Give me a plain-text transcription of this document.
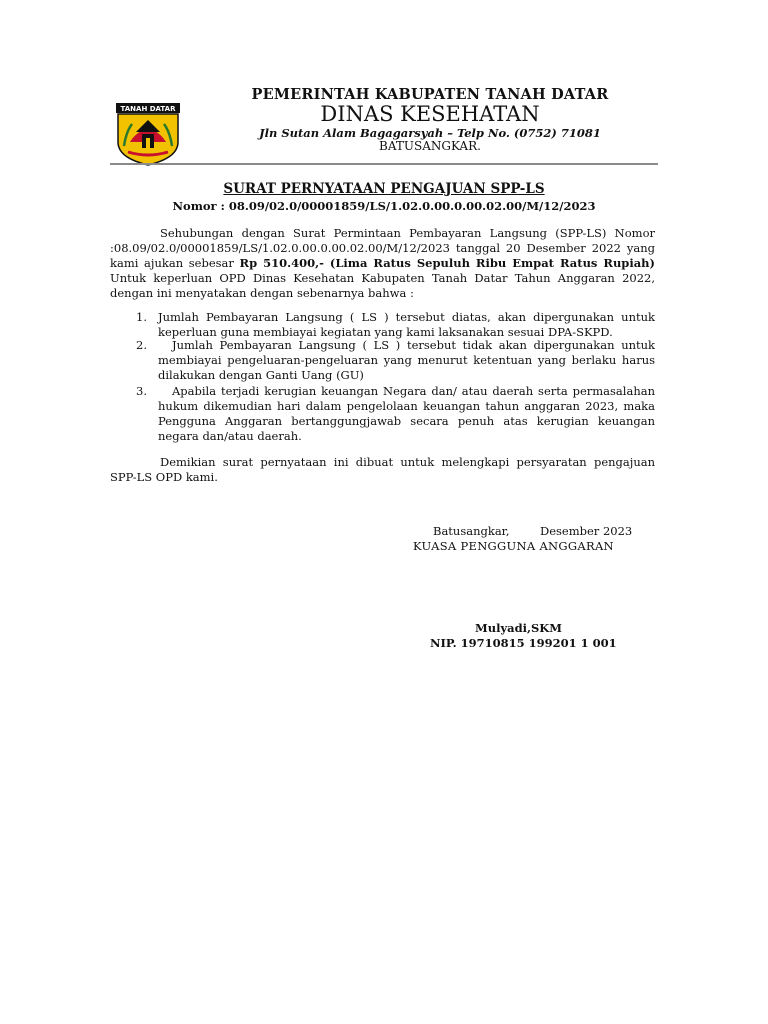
TANAH DATAR
PEMERINTAH KABUPATEN TANAH DATAR
DINAS KESEHATAN
Jln Sutan Alam Bagagarsyah – Telp No. (0752) 71081
BATUSANGKAR.
SURAT PERNYATAAN PENGAJUAN SPP-LS
Nomor : 08.09/02.0/00001859/LS/1.02.0.00.0.00.02.00/M/12/2023
Sehubungan dengan Surat Permintaan Pembayaran Langsung (SPP-LS) Nomor :08.09/02.0/00001859/LS/1.02.0.00.0.00.02.00/M/12/2023 tanggal 20 Desember 2022 yang kami ajukan sebesar Rp 510.400,- (Lima Ratus Sepuluh Ribu Empat Ratus Rupiah) Untuk keperluan OPD Dinas Kesehatan Kabupaten Tanah Datar Tahun Anggaran 2022, dengan ini menyatakan dengan sebenarnya bahwa :
1. Jumlah Pembayaran Langsung ( LS ) tersebut diatas, akan dipergunakan untuk keperluan guna membiayai kegiatan yang kami laksanakan sesuai DPA-SKPD.
2.	Jumlah Pembayaran Langsung ( LS ) tersebut tidak akan dipergunakan untuk membiayai pengeluaran-pengeluaran yang menurut ketentuan yang berlaku harus dilakukan dengan Ganti Uang (GU)
3.	Apabila terjadi kerugian keuangan Negara dan/ atau daerah serta permasalahan hukum dikemudian hari dalam pengelolaan keuangan tahun anggaran 2023, maka Pengguna Anggaran bertanggungjawab secara penuh atas kerugian keuangan negara dan/atau daerah.
Demikian surat pernyataan ini dibuat untuk melengkapi persyaratan pengajuan SPP-LS OPD kami.
Batusangkar,	Desember 2023
KUASA PENGGUNA ANGGARAN
Mulyadi,SKM
NIP. 19710815 199201 1 001
